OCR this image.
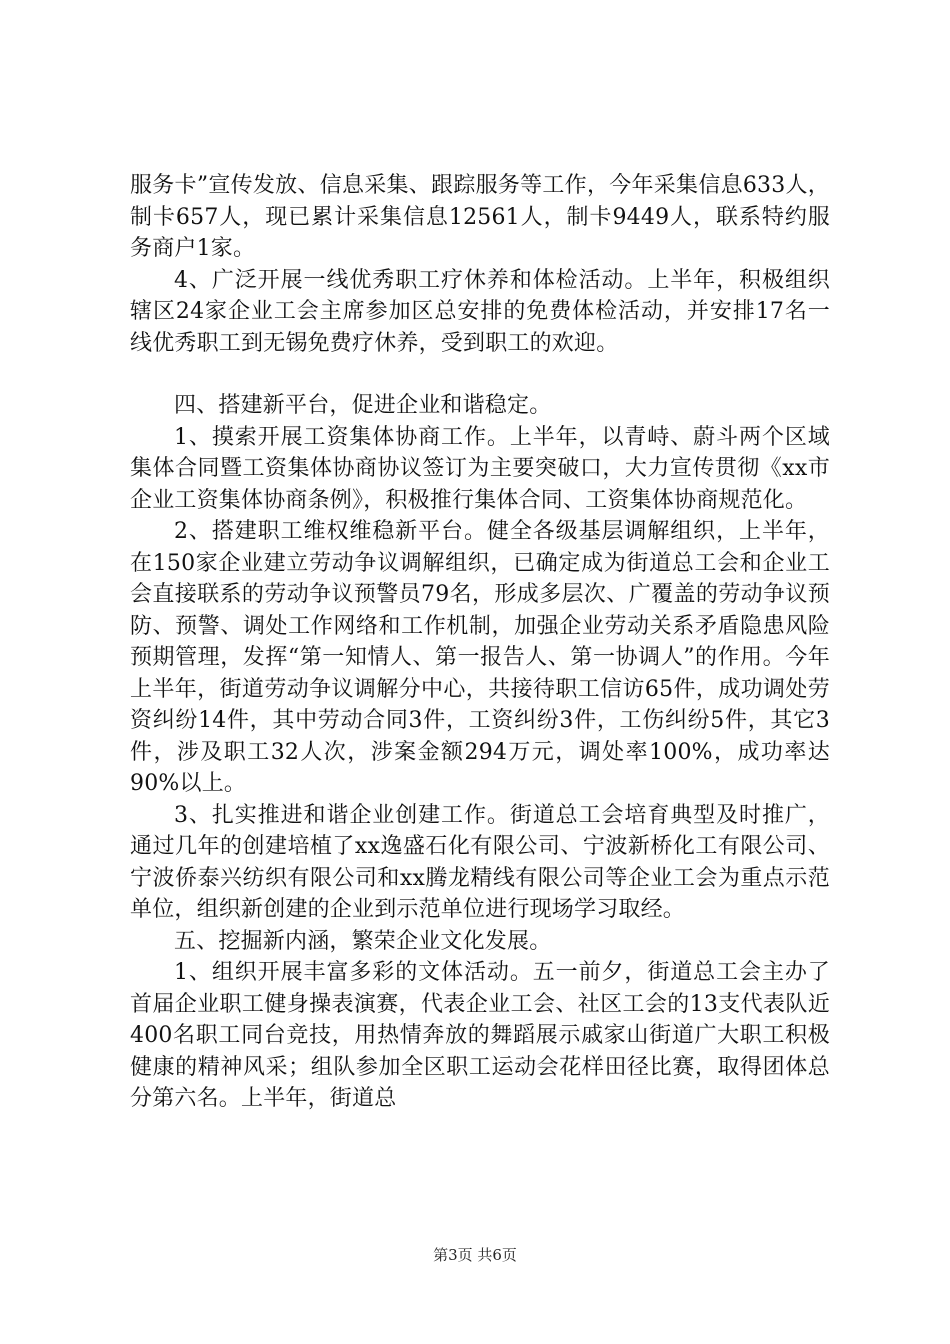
服务卡”宣传发放、信息采集、跟踪服务等工作，今年采集信息633人，制卡657人，现已累计采集信息12561人，制卡9449人，联系特约服务商户1家。

4、广泛开展一线优秀职工疗休养和体检活动。上半年，积极组织辖区24家企业工会主席参加区总安排的免费体检活动，并安排17名一线优秀职工到无锡免费疗休养，受到职工的欢迎。

四、搭建新平台，促进企业和谐稳定。

1、摸索开展工资集体协商工作。上半年，以青峙、蔚斗两个区域集体合同暨工资集体协商协议签订为主要突破口，大力宣传贯彻《xx市企业工资集体协商条例》，积极推行集体合同、工资集体协商规范化。

2、搭建职工维权维稳新平台。健全各级基层调解组织，上半年，在150家企业建立劳动争议调解组织，已确定成为街道总工会和企业工会直接联系的劳动争议预警员79名，形成多层次、广覆盖的劳动争议预防、预警、调处工作网络和工作机制，加强企业劳动关系矛盾隐患风险预期管理，发挥“第一知情人、第一报告人、第一协调人”的作用。今年上半年，街道劳动争议调解分中心，共接待职工信访65件，成功调处劳资纠纷14件，其中劳动合同3件，工资纠纷3件，工伤纠纷5件，其它3件，涉及职工32人次，涉案金额294万元，调处率100%，成功率达90%以上。

3、扎实推进和谐企业创建工作。街道总工会培育典型及时推广，通过几年的创建培植了xx逸盛石化有限公司、宁波新桥化工有限公司、宁波侨泰兴纺织有限公司和xx腾龙精线有限公司等企业工会为重点示范单位，组织新创建的企业到示范单位进行现场学习取经。

五、挖掘新内涵，繁荣企业文化发展。

1、组织开展丰富多彩的文体活动。五一前夕，街道总工会主办了首届企业职工健身操表演赛，代表企业工会、社区工会的13支代表队近400名职工同台竞技，用热情奔放的舞蹈展示戚家山街道广大职工积极健康的精神风采；组队参加全区职工运动会花样田径比赛，取得团体总分第六名。上半年，街道总

第3页 共6页
